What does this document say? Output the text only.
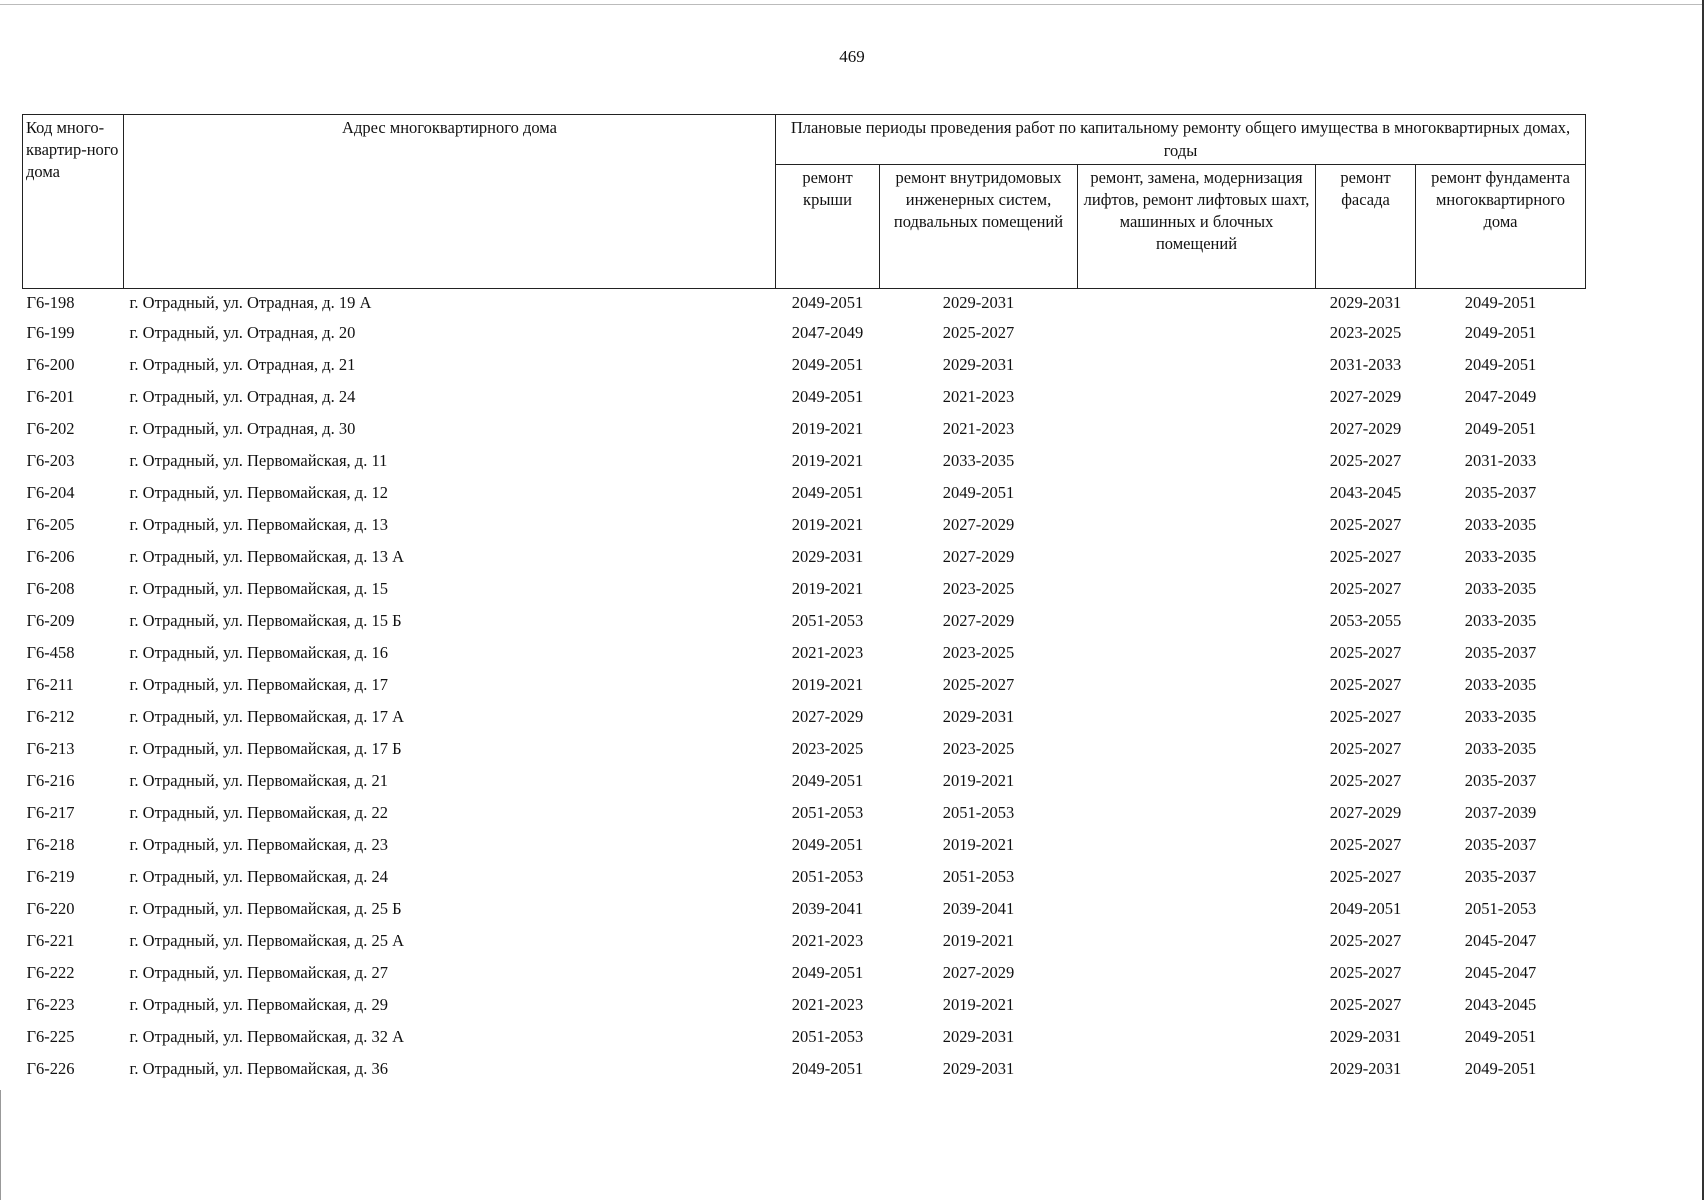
469
Код много-квартир-ного дома	Адрес многоквартирного дома	Плановые периоды проведения работ по капитальному ремонту общего имущества в многоквартирных домах, годы				
		ремонт крыши	ремонт внутридомовых инженерных систем, подвальных помещений	ремонт, замена, модернизация лифтов, ремонт лифтовых шахт, машинных и блочных помещений	ремонт фасада	ремонт фундамента многоквартирного дома
Г6-198	г. Отрадный, ул. Отрадная, д. 19 А	2049-2051	2029-2031		2029-2031	2049-2051
Г6-199	г. Отрадный, ул. Отрадная, д. 20	2047-2049	2025-2027		2023-2025	2049-2051
Г6-200	г. Отрадный, ул. Отрадная, д. 21	2049-2051	2029-2031		2031-2033	2049-2051
Г6-201	г. Отрадный, ул. Отрадная, д. 24	2049-2051	2021-2023		2027-2029	2047-2049
Г6-202	г. Отрадный, ул. Отрадная, д. 30	2019-2021	2021-2023		2027-2029	2049-2051
Г6-203	г. Отрадный, ул. Первомайская, д. 11	2019-2021	2033-2035		2025-2027	2031-2033
Г6-204	г. Отрадный, ул. Первомайская, д. 12	2049-2051	2049-2051		2043-2045	2035-2037
Г6-205	г. Отрадный, ул. Первомайская, д. 13	2019-2021	2027-2029		2025-2027	2033-2035
Г6-206	г. Отрадный, ул. Первомайская, д. 13 А	2029-2031	2027-2029		2025-2027	2033-2035
Г6-208	г. Отрадный, ул. Первомайская, д. 15	2019-2021	2023-2025		2025-2027	2033-2035
Г6-209	г. Отрадный, ул. Первомайская, д. 15 Б	2051-2053	2027-2029		2053-2055	2033-2035
Г6-458	г. Отрадный, ул. Первомайская, д. 16	2021-2023	2023-2025		2025-2027	2035-2037
Г6-211	г. Отрадный, ул. Первомайская, д. 17	2019-2021	2025-2027		2025-2027	2033-2035
Г6-212	г. Отрадный, ул. Первомайская, д. 17 А	2027-2029	2029-2031		2025-2027	2033-2035
Г6-213	г. Отрадный, ул. Первомайская, д. 17 Б	2023-2025	2023-2025		2025-2027	2033-2035
Г6-216	г. Отрадный, ул. Первомайская, д. 21	2049-2051	2019-2021		2025-2027	2035-2037
Г6-217	г. Отрадный, ул. Первомайская, д. 22	2051-2053	2051-2053		2027-2029	2037-2039
Г6-218	г. Отрадный, ул. Первомайская, д. 23	2049-2051	2019-2021		2025-2027	2035-2037
Г6-219	г. Отрадный, ул. Первомайская, д. 24	2051-2053	2051-2053		2025-2027	2035-2037
Г6-220	г. Отрадный, ул. Первомайская, д. 25 Б	2039-2041	2039-2041		2049-2051	2051-2053
Г6-221	г. Отрадный, ул. Первомайская, д. 25 А	2021-2023	2019-2021		2025-2027	2045-2047
Г6-222	г. Отрадный, ул. Первомайская, д. 27	2049-2051	2027-2029		2025-2027	2045-2047
Г6-223	г. Отрадный, ул. Первомайская, д. 29	2021-2023	2019-2021		2025-2027	2043-2045
Г6-225	г. Отрадный, ул. Первомайская, д. 32 А	2051-2053	2029-2031		2029-2031	2049-2051
Г6-226	г. Отрадный, ул. Первомайская, д. 36	2049-2051	2029-2031		2029-2031	2049-2051
